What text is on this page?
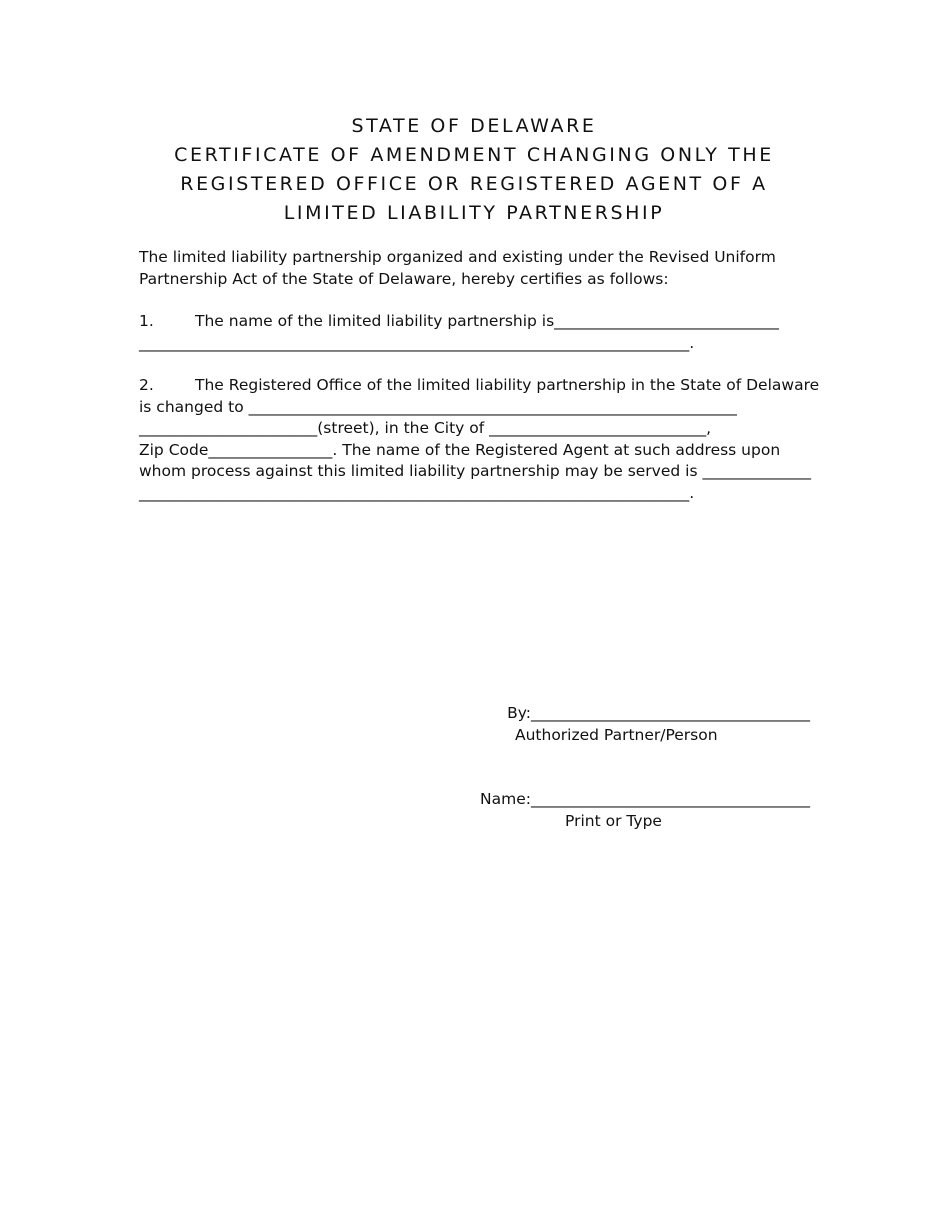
STATE OF DELAWARE
CERTIFICATE OF AMENDMENT CHANGING ONLY THE
REGISTERED OFFICE OR REGISTERED AGENT OF A
LIMITED LIABILITY PARTNERSHIP
The limited liability partnership organized and existing under the Revised Uniform
Partnership Act of the State of Delaware, hereby certifies as follows:
1.	The name of the limited liability partnership is_____________________________
_______________________________________________________________________.
2.	The Registered Office of the limited liability partnership in the State of Delaware
is changed to _______________________________________________________________
_______________________(street), in the City of ____________________________,
Zip Code________________. The name of the Registered Agent at such address upon
whom process against this limited liability partnership may be served is ______________
_______________________________________________________________________.
By:____________________________________
Authorized Partner/Person
Name:____________________________________
Print or Type
